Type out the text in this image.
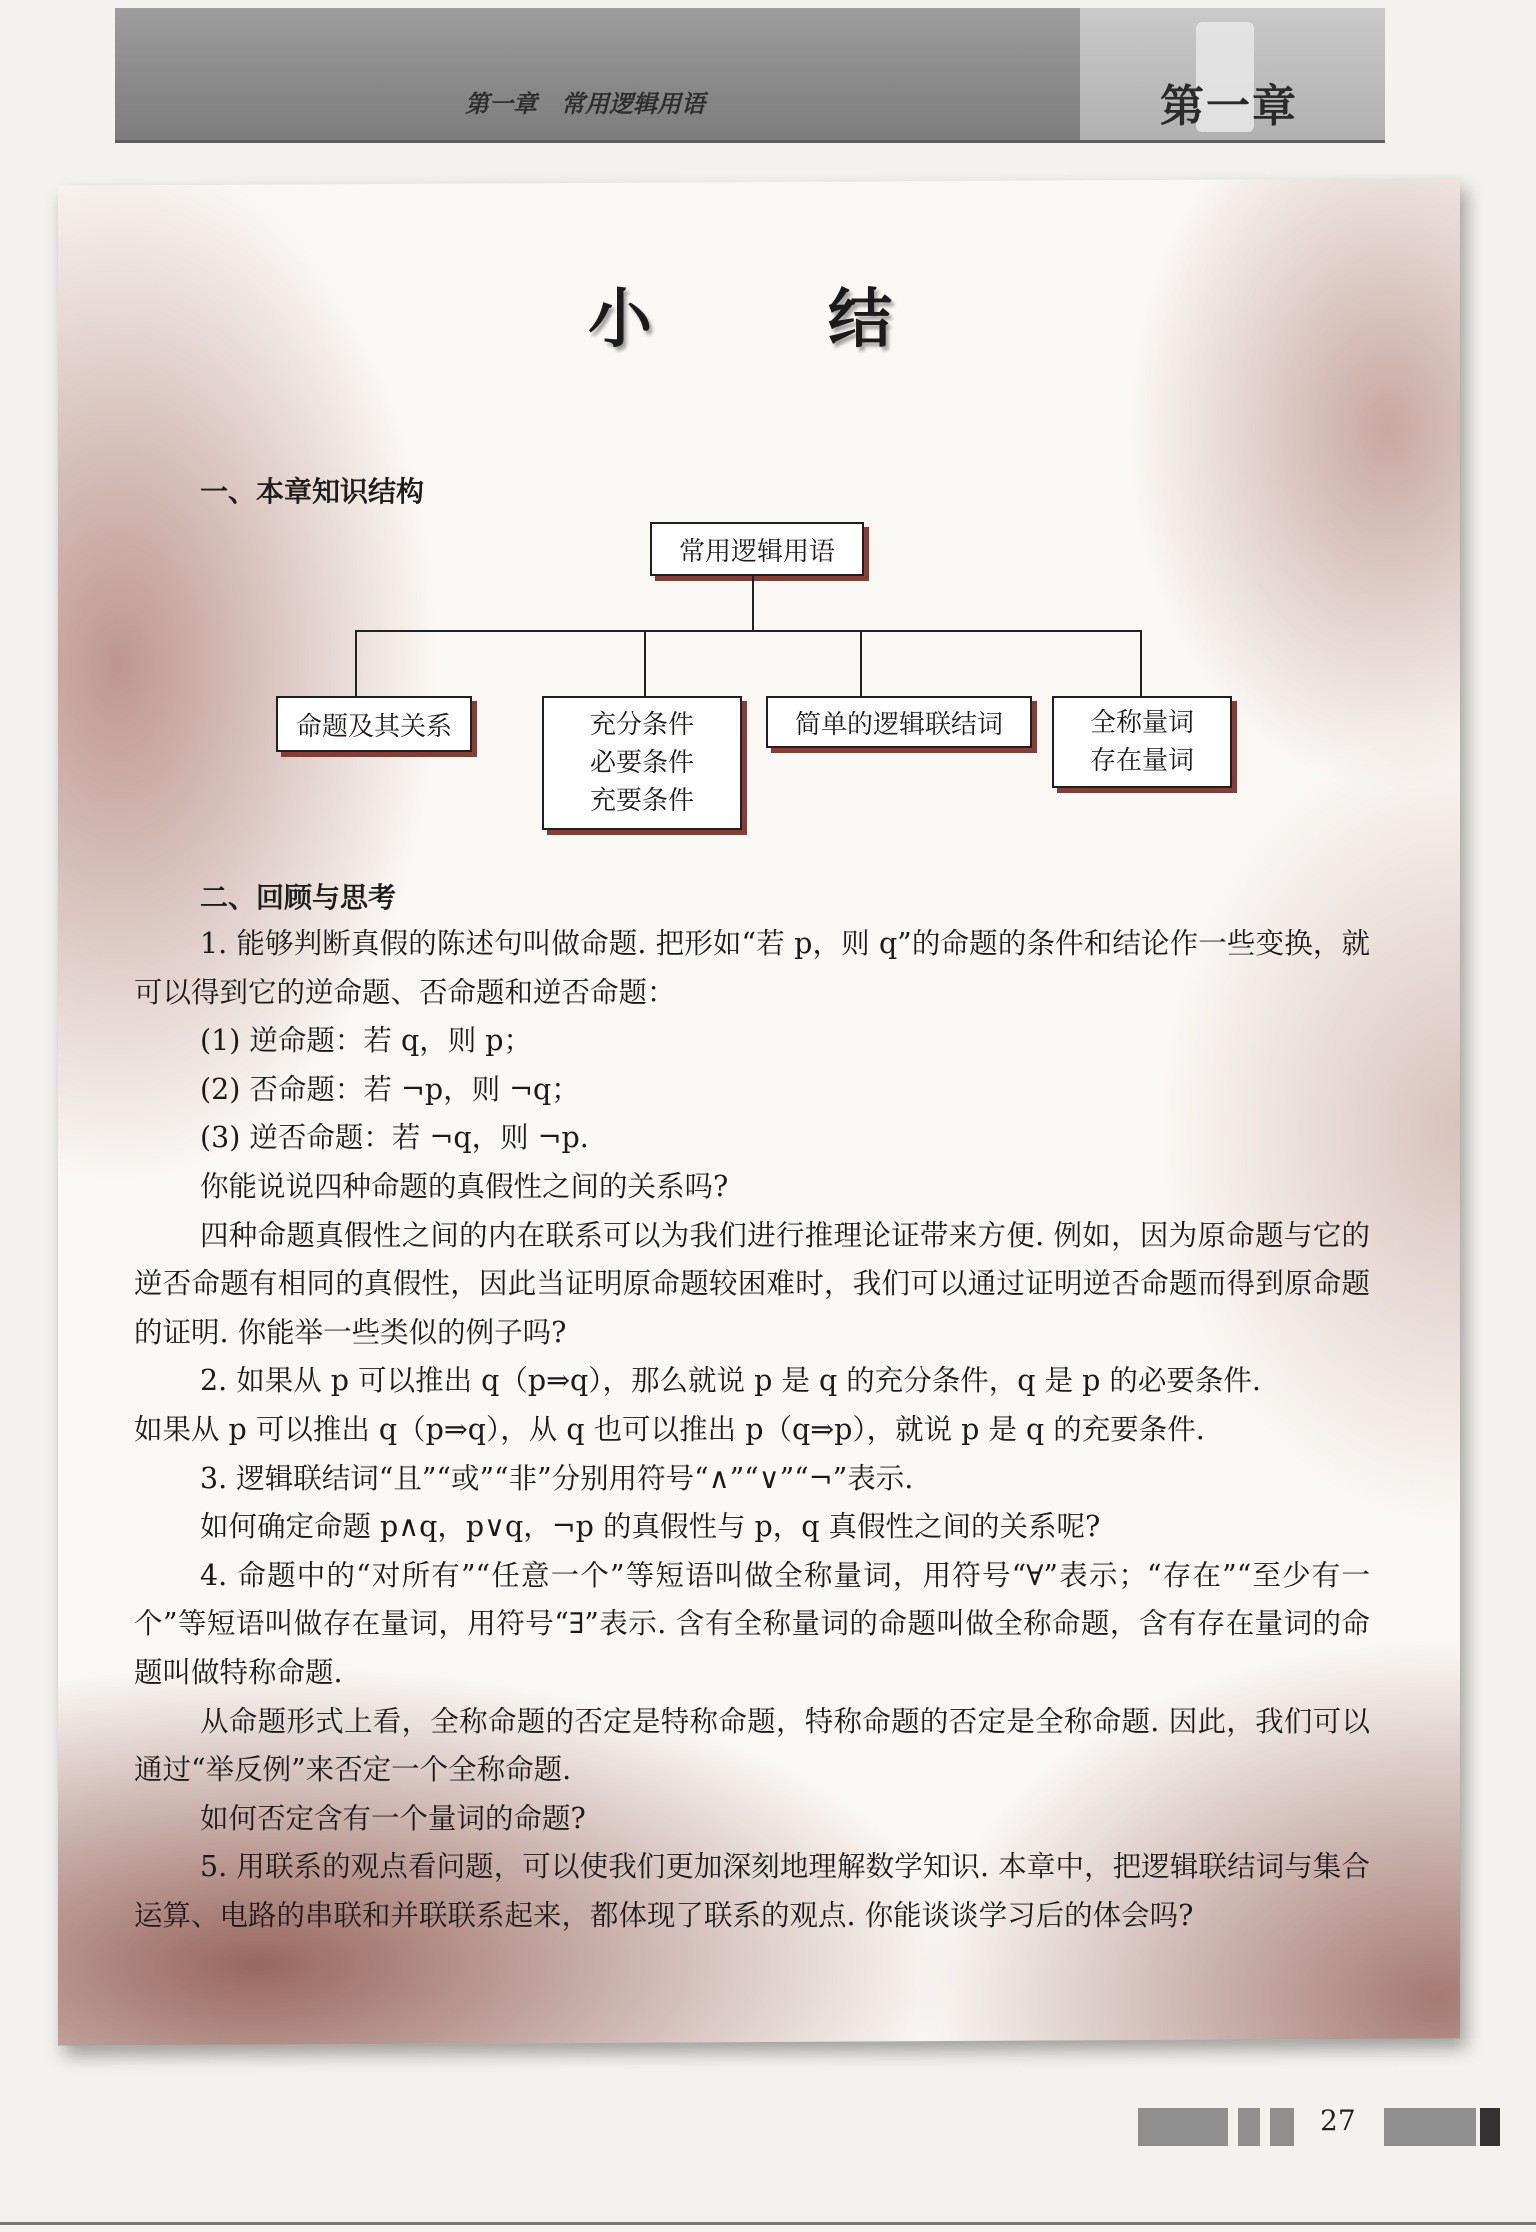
第一章　常用逻辑用语	第一章
小　结
一、本章知识结构
常用逻辑用语
命题及其关系	充分条件
必要条件
充要条件
简单的逻辑联结词	全称量词
存在量词
二、回顾与思考

1. 能够判断真假的陈述句叫做命题. 把形如“若 p，则 q”的命题的条件和结论作一些变换，就可以得到它的逆命题、否命题和逆否命题：

(1) 逆命题：若 q，则 p；

(2) 否命题：若 ¬p，则 ¬q；

(3) 逆否命题：若 ¬q，则 ¬p.

你能说说四种命题的真假性之间的关系吗?

四种命题真假性之间的内在联系可以为我们进行推理论证带来方便. 例如，因为原命题与它的逆否命题有相同的真假性，因此当证明原命题较困难时，我们可以通过证明逆否命题而得到原命题的证明. 你能举一些类似的例子吗?

2. 如果从 p 可以推出 q（p⇒q），那么就说 p 是 q 的充分条件，q 是 p 的必要条件.

如果从 p 可以推出 q（p⇒q），从 q 也可以推出 p（q⇒p），就说 p 是 q 的充要条件.

3. 逻辑联结词“且”“或”“非”分别用符号“∧”“∨”“¬”表示.

如何确定命题 p∧q，p∨q，¬p 的真假性与 p，q 真假性之间的关系呢?

4. 命题中的“对所有”“任意一个”等短语叫做全称量词，用符号“∀”表示；“存在”“至少有一个”等短语叫做存在量词，用符号“∃”表示. 含有全称量词的命题叫做全称命题，含有存在量词的命题叫做特称命题.

从命题形式上看，全称命题的否定是特称命题，特称命题的否定是全称命题. 因此，我们可以通过“举反例”来否定一个全称命题.

如何否定含有一个量词的命题?

5. 用联系的观点看问题，可以使我们更加深刻地理解数学知识. 本章中，把逻辑联结词与集合运算、电路的串联和并联联系起来，都体现了联系的观点. 你能谈谈学习后的体会吗?

27
